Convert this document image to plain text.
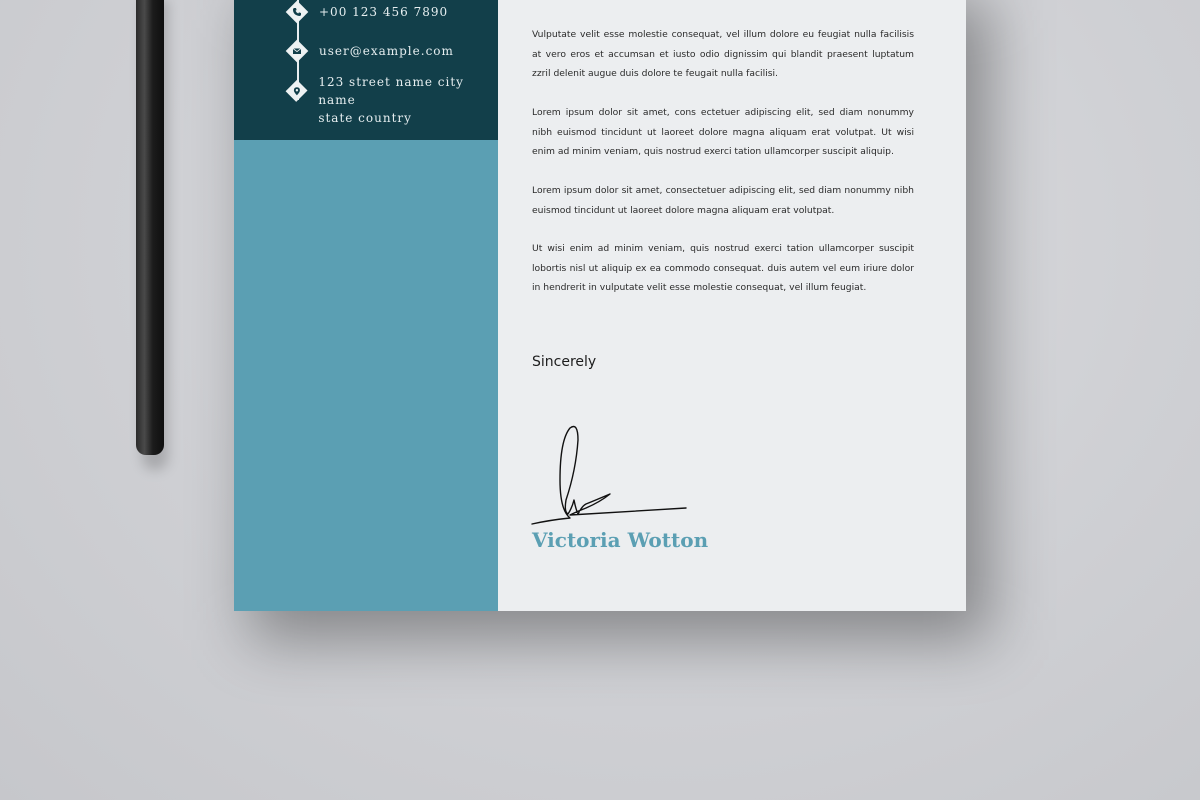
+00 123 456 7890
user@example.com
123 street name city name
state country
Vulputate velit esse molestie consequat, vel illum dolore eu feugiat nulla facilisis at vero eros et accumsan et iusto odio dignissim qui blandit praesent luptatum zzril delenit augue duis dolore te feugait nulla facilisi.
Lorem ipsum dolor sit amet, cons ectetuer adipiscing elit, sed diam nonummy nibh euismod tincidunt ut laoreet dolore magna aliquam erat volutpat. Ut wisi enim ad minim veniam, quis nostrud exerci tation ullamcorper suscipit aliquip.
Lorem ipsum dolor sit amet, consectetuer adipiscing elit, sed diam nonummy nibh euismod tincidunt ut laoreet dolore magna aliquam erat volutpat.
Ut wisi enim ad minim veniam, quis nostrud exerci tation ullamcorper suscipit lobortis nisl ut aliquip ex ea commodo consequat. duis autem vel eum iriure dolor in hendrerit in vulputate velit esse molestie consequat, vel illum feugiat.
Sincerely
Victoria Wotton
